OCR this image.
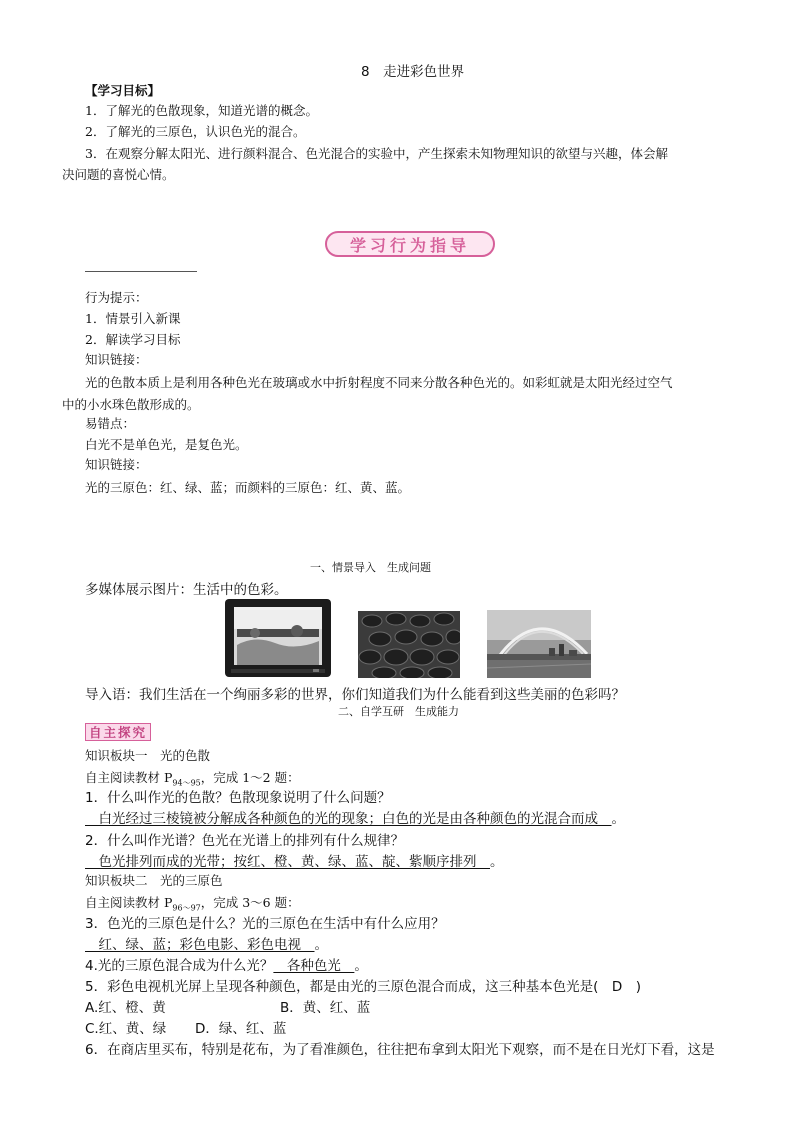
8　走进彩色世界
【学习目标】
1．了解光的色散现象，知道光谱的概念。
2．了解光的三原色，认识色光的混合。
3．在观察分解太阳光、进行颜料混合、色光混合的实验中，产生探索未知物理知识的欲望与兴趣，体会解
决问题的喜悦心情。
学习行为指导
行为提示：
1．情景引入新课
2．解读学习目标
知识链接：
光的色散本质上是利用各种色光在玻璃或水中折射程度不同来分散各种色光的。如彩虹就是太阳光经过空气
中的小水珠色散形成的。
易错点：
白光不是单色光，是复色光。
知识链接：
光的三原色：红、绿、蓝；而颜料的三原色：红、黄、蓝。
一、情景导入　生成问题
多媒体展示图片：生活中的色彩。
导入语：我们生活在一个绚丽多彩的世界，你们知道我们为什么能看到这些美丽的色彩吗？
二、自学互研　生成能力
自主探究
知识板块一　光的色散
自主阅读教材 $P_{94\sim 95}$，完成 1～2 题：
1．什么叫作光的色散？色散现象说明了什么问题？
　白光经过三棱镜被分解成各种颜色的光的现象；白色的光是由各种颜色的光混合而成　。
2．什么叫作光谱？色光在光谱上的排列有什么规律？
　色光排列而成的光带；按红、橙、黄、绿、蓝、靛、紫顺序排列　。
知识板块二　光的三原色
自主阅读教材 $P_{96\sim 97}$，完成 3～6 题：
3．色光的三原色是什么？光的三原色在生活中有什么应用？
　红、绿、蓝；彩色电影、彩色电视　。
4.光的三原色混合成为什么光？　各种色光　。
5．彩色电视机光屏上呈现各种颜色，都是由光的三原色混合而成，这三种基本色光是(　D　)
A.红、橙、黄	B．黄、红、蓝
C.红、黄、绿 D．绿、红、蓝
6．在商店里买布，特别是花布，为了看准颜色，往往把布拿到太阳光下观察，而不是在日光灯下看，这是
